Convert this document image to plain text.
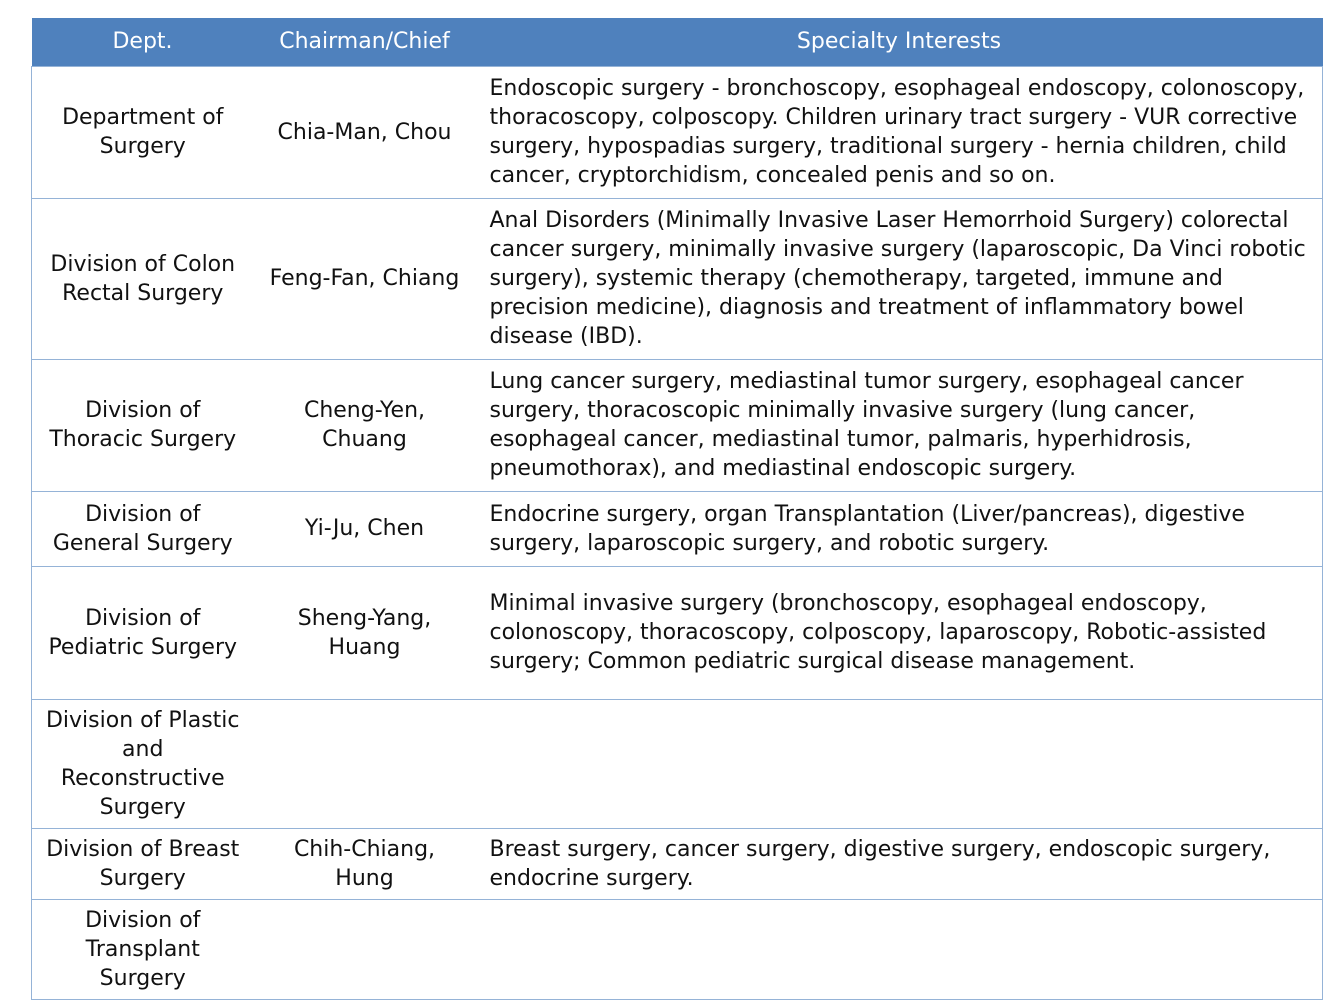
Dept.	Chairman/Chief	Specialty Interests
Department of Surgery	Chia-Man, Chou	Endoscopic surgery - bronchoscopy, esophageal endoscopy, colonoscopy, thoracoscopy, colposcopy. Children urinary tract surgery - VUR corrective surgery, hypospadias surgery, traditional surgery - hernia children, child cancer, cryptorchidism, concealed penis and so on.
Division of Colon Rectal Surgery	Feng-Fan, Chiang	Anal Disorders (Minimally Invasive Laser Hemorrhoid Surgery) colorectal cancer surgery, minimally invasive surgery (laparoscopic, Da Vinci robotic surgery), systemic therapy (chemotherapy, targeted, immune and precision medicine), diagnosis and treatment of inflammatory bowel disease (IBD).
Division of Thoracic Surgery	Cheng-Yen, Chuang	Lung cancer surgery, mediastinal tumor surgery, esophageal cancer surgery, thoracoscopic minimally invasive surgery (lung cancer, esophageal cancer, mediastinal tumor, palmaris, hyperhidrosis, pneumothorax), and mediastinal endoscopic surgery.
Division of General Surgery	Yi-Ju, Chen	Endocrine surgery, organ Transplantation (Liver/pancreas), digestive surgery, laparoscopic surgery, and robotic surgery.
Division of Pediatric Surgery	Sheng-Yang, Huang	Minimal invasive surgery (bronchoscopy, esophageal endoscopy, colonoscopy, thoracoscopy, colposcopy, laparoscopy, Robotic-assisted surgery; Common pediatric surgical disease management.
Division of Plastic and Reconstructive Surgery		
Division of Breast Surgery	Chih-Chiang, Hung	Breast surgery, cancer surgery, digestive surgery, endoscopic surgery, endocrine surgery.
Division of Transplant Surgery		
